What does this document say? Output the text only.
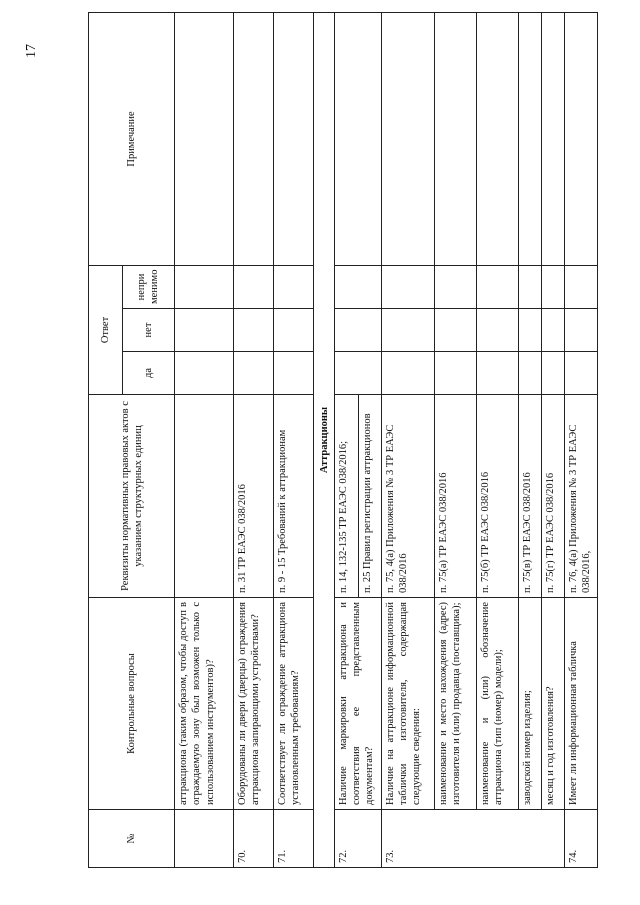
17
№	Контрольные вопросы	Реквизиты нормативных правовых актов с указанием структурных единиц	Ответ			Примечание
			да	нет	непри менимо	
	аттракциона (таким образом, чтобы доступ в ограждаемую зону был возможен только с использованием инструментов)?					
70.	Оборудованы ли двери (дверцы) ограждения аттракциона запирающими устройствами?	п. 31 ТР ЕАЭС 038/2016				
71.	Соответствует ли ограждение аттракциона установленным требованиям?	п. 9 - 15 Требований к аттракционам				
Аттракционы						
72.	Наличие маркировки аттракциона и соответствия ее представленным документам?	п. 14, 132-135 ТР ЕАЭС 038/2016;				
		п. 25 Правил регистрации аттракционов				
73.	Наличие на аттракционе информационной таблички изготовителя, содержащая следующие сведения:	п. 75, 4(а) Приложения № 3 ТР ЕАЭС 038/2016				
	наименование и место нахождения (адрес) изготовителя и (или) продавца (поставщика);	п. 75(а) ТР ЕАЭС 038/2016				
	наименование и (или) обозначение аттракциона (тип (номер) модели);	п. 75(б) ТР ЕАЭС 038/2016				
	заводской номер изделия;	п. 75(в) ТР ЕАЭС 038/2016				
	месяц и год изготовления?	п. 75(г) ТР ЕАЭС 038/2016				
74.	Имеет ли информационная табличка	п. 76, 4(а) Приложения № 3 ТР ЕАЭС 038/2016,				
